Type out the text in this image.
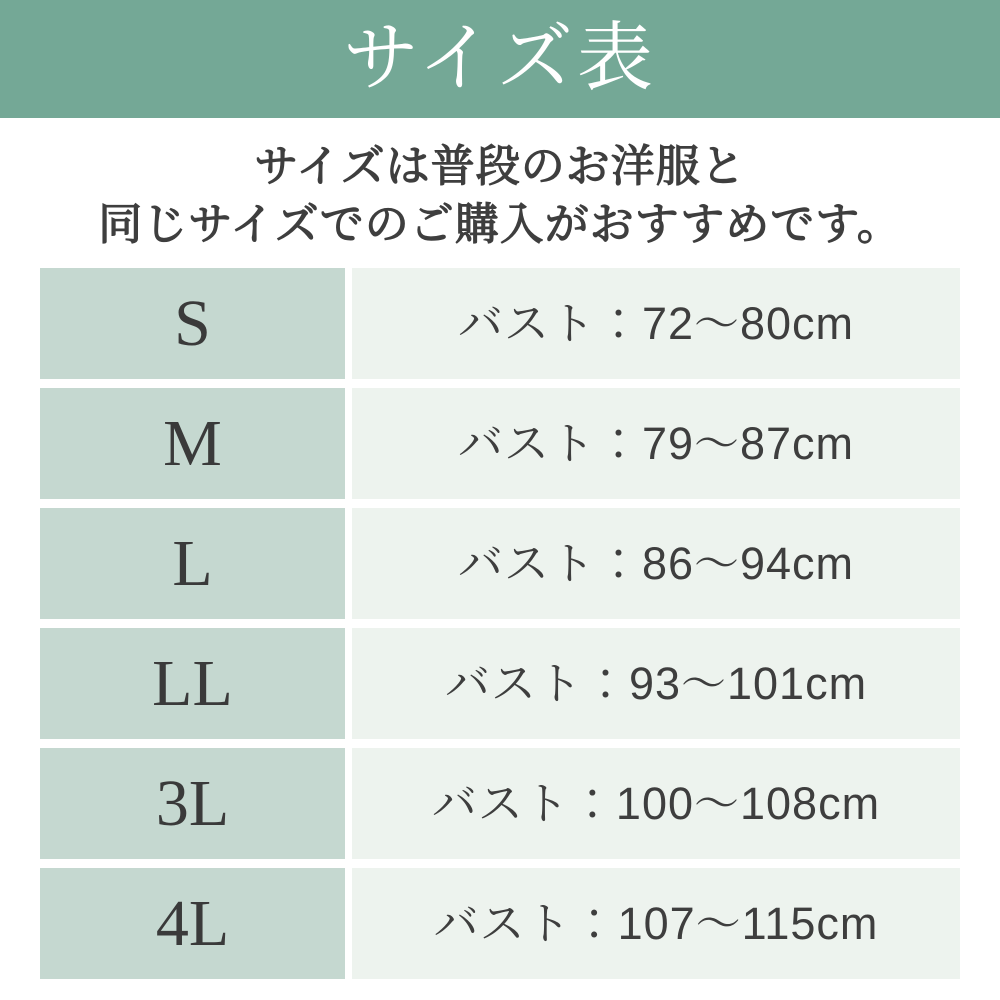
サイズ表
サイズは普段のお洋服と
同じサイズでのご購入がおすすめです。
S	バスト：72〜80cm
M	バスト：79〜87cm
L	バスト：86〜94cm
LL	バスト：93〜101cm
3L	バスト：100〜108cm
4L	バスト：107〜115cm
